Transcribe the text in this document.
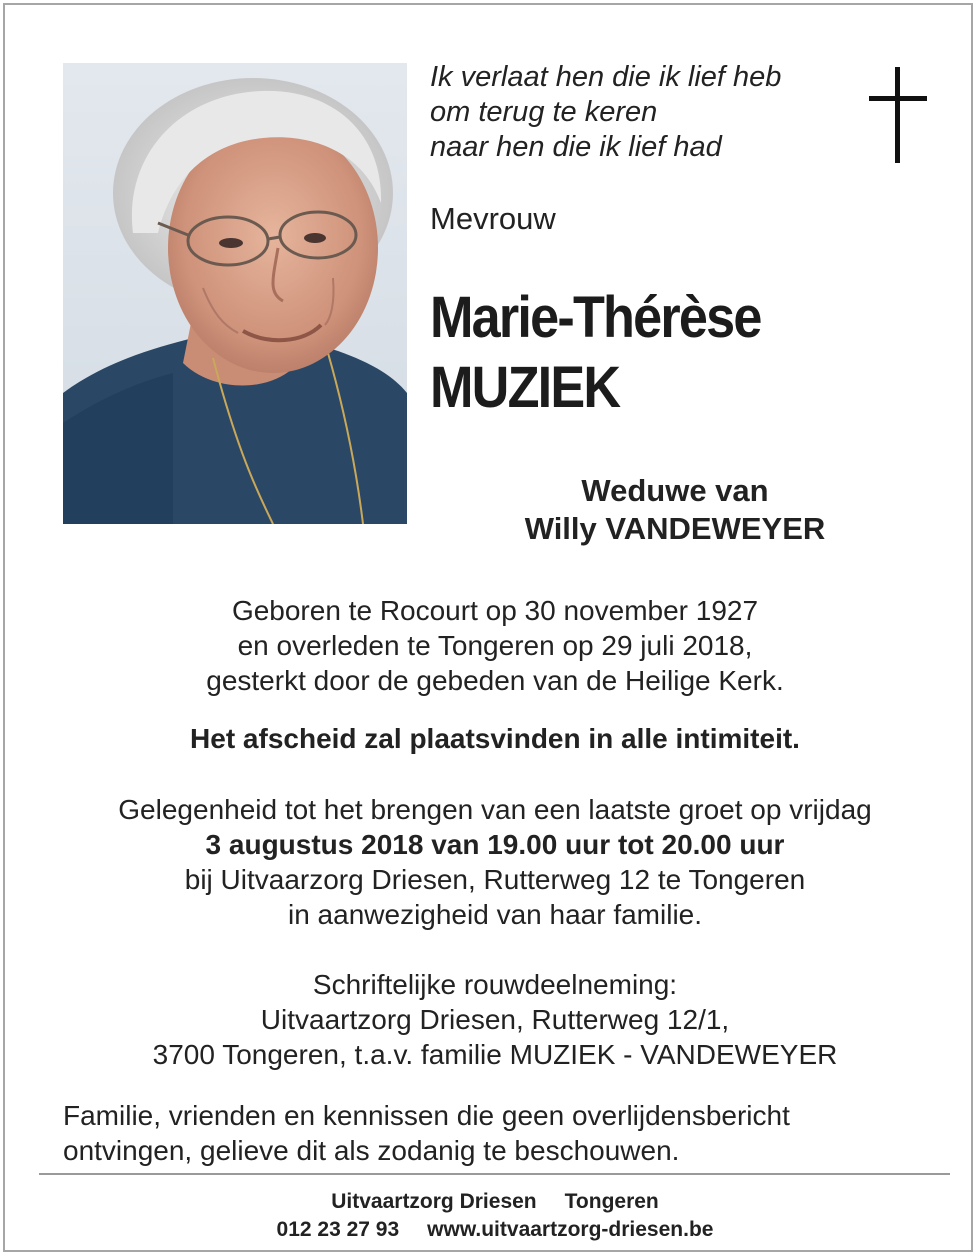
Ik verlaat hen die ik lief heb
om terug te keren
naar hen die ik lief had
Mevrouw
Marie-Thérèse
MUZIEK
Weduwe van
Willy VANDEWEYER
Geboren te Rocourt op 30 november 1927
en overleden te Tongeren op 29 juli 2018,
gesterkt door de gebeden van de Heilige Kerk.
Het afscheid zal plaatsvinden in alle intimiteit.
Gelegenheid tot het brengen van een laatste groet op vrijdag
3 augustus 2018 van 19.00 uur tot 20.00 uur
bij Uitvaarzorg Driesen, Rutterweg 12 te Tongeren
in aanwezigheid van haar familie.
Schriftelijke rouwdeelneming:
Uitvaartzorg Driesen, Rutterweg 12/1,
3700 Tongeren, t.a.v. familie MUZIEK - VANDEWEYER
Familie, vrienden en kennissen die geen overlijdensbericht
ontvingen, gelieve dit als zodanig te beschouwen.
Uitvaartzorg Driesen Tongeren
012 23 27 93 www.uitvaartzorg-driesen.be
